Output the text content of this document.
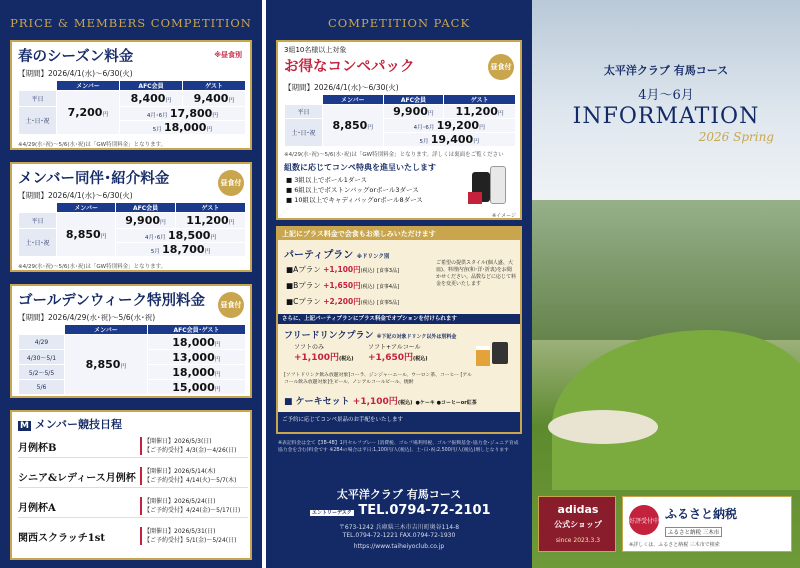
PRICE & MEMBERS COMPETITION
春のシーズン料金	※昼食別
【期間】2026/4/1(水)～6/30(火)
	メンバー	AFC会員	ゲスト
平日	7,200円	8,400円	9,400円
土･日･祝		4月･6月 17,800円	
		5月 18,000円	
※4/29(水･祝)～5/6(水･祝)は「GW特別料金」となります。
メンバー同伴･紹介料金	昼食付
【期間】2026/4/1(水)～6/30(火)
	メンバー	AFC会員	ゲスト
平日	8,850円	9,900円	11,200円
土･日･祝		4月･6月 18,500円	
		5月 18,700円	
※4/29(水･祝)～5/6(水･祝)は「GW特別料金」となります。
ゴールデンウィーク特別料金	昼食付
【期間】2026/4/29(水･祝)～5/6(水･祝)
	メンバー	AFC会員･ゲスト
4/29	8,850円	18,000円
4/30～5/1		13,000円
5/2～5/5		18,000円
5/6		15,000円
M メンバー競技日程
月例杯B
【開催日】2026/5/3(日)
【ご予約受付】4/3(金)～4/26(日)
シニア&レディース月例杯
【開催日】2026/5/14(木)
【ご予約受付】4/14(火)～5/7(木)
月例杯A
【開催日】2026/5/24(日)
【ご予約受付】4/24(金)～5/17(日)
関西スクラッチ1st
【開催日】2026/5/31(日)
【ご予約受付】5/1(金)～5/24(日)
COMPETITION PACK
3組10名様以上対象
お得なコンペパック	昼食付
【期間】2026/4/1(水)～6/30(火)
	メンバー	AFC会員	ゲスト
平日	8,850円	9,900円	11,200円
土･日･祝		4月･6月 19,200円	
		5月 19,400円	
※4/29(水･祝)～5/6(水･祝)は「GW特別料金」となります。詳しくは裏面をご覧ください
組数に応じてコンペ特典を進呈いたします
■ 3組以上でボール1ダース
■ 6組以上でボストンバッグorボール3ダース
■ 10組以上でキャディバッグorボール8ダース
※イメージ
上記にプラス料金で会食もお楽しみいただけます
パーティプラン ※ドリンク別
■Aプラン +1,100円(税込) [食事3品]
■Bプラン +1,650円(税込) [食事4品]
■Cプラン +2,200円(税込) [食事5品]
ご希望の提供スタイル(個人盛、大皿)、料理内容(和･洋･折衷)をお聞かせください。品数などに応じて料金を変更いたします
さらに、上記パーティプランにプラス料金でオプションを付けられます
フリードリンクプラン ※下記の対象ドリンク以外は別料金
ソフトのみ
+1,100円(税込)
ソフト+アルコール
+1,650円(税込)
[ソフトドリンク飲み放題対象]コーラ、ジンジャーエール、ウーロン茶、コーヒー [アルコール飲み放題対象]生ビール、ノンアルコールビール、焼酎
■ ケーキセット +1,100円(税込) ●ケーキ ●コーヒーor紅茶
ご予約に応じてコンペ景品のお手配をいたします
※表記料金は全て【3B-4B】1円セルフプレー (消費税、ゴルフ場利用税、ゴルフ振興基金･協力金･ジュニア育成協力金を含む)料金です ※2B4の場合は平日:1,100円/人(税込)、土･日･祝:2,500円/人(税込)増しとなります
太平洋クラブ 有馬コース
エントリーデスク TEL.0794-72-2101
〒673-1242 兵庫県三木市吉川町奥谷114-8
TEL.0794-72-1221 FAX.0794-72-1930
https://www.taiheiyoclub.co.jp
太平洋クラブ 有馬コース
4月～6月
INFORMATION
2026 Spring
adidas
公式ショップ
since 2023.3.3
好評受付中 ふるさと納税
ふるさと納税 三木市
※詳しくは、ふるさと納税 三木市で検索
